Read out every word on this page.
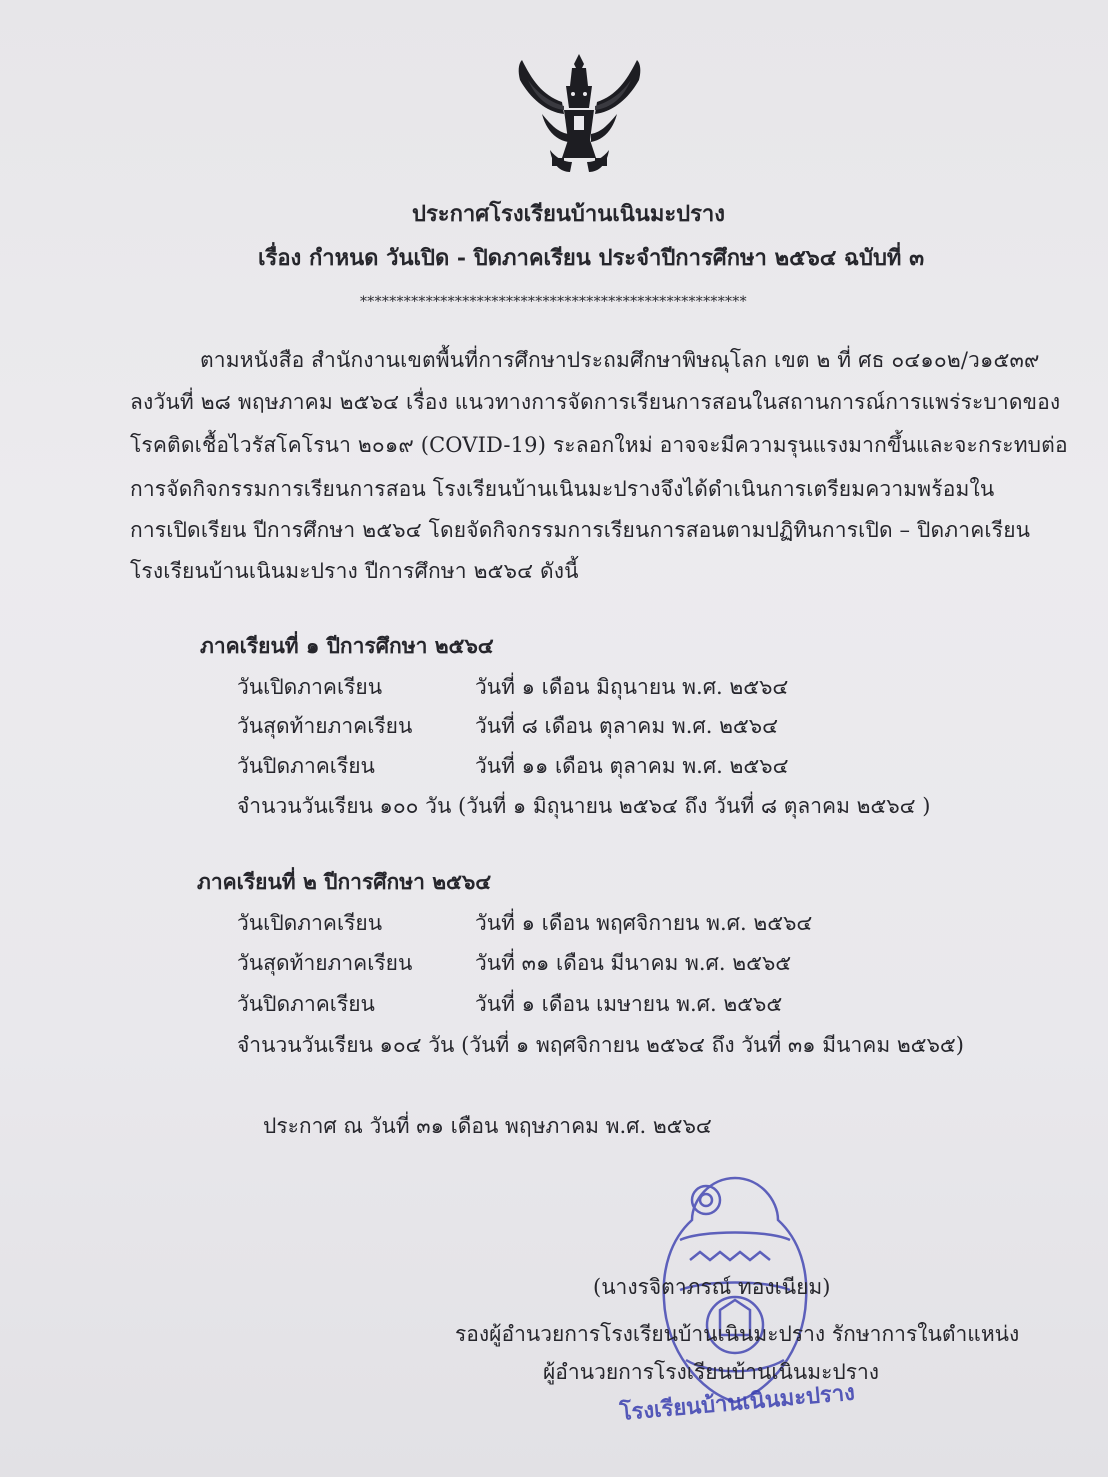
ประกาศโรงเรียนบ้านเนินมะปราง
เรื่อง กำหนด วันเปิด - ปิดภาคเรียน ประจำปีการศึกษา ๒๕๖๔ ฉบับที่ ๓
*****************************************************
ตามหนังสือ สำนักงานเขตพื้นที่การศึกษาประถมศึกษาพิษณุโลก เขต ๒ ที่ ศธ ๐๔๑๐๒/ว๑๕๓๙
ลงวันที่ ๒๘ พฤษภาคม ๒๕๖๔ เรื่อง แนวทางการจัดการเรียนการสอนในสถานการณ์การแพร่ระบาดของ
โรคติดเชื้อไวรัสโคโรนา ๒๐๑๙ (COVID-19) ระลอกใหม่ อาจจะมีความรุนแรงมากขึ้นและจะกระทบต่อ
การจัดกิจกรรมการเรียนการสอน โรงเรียนบ้านเนินมะปรางจึงได้ดำเนินการเตรียมความพร้อมใน
การเปิดเรียน ปีการศึกษา ๒๕๖๔ โดยจัดกิจกรรมการเรียนการสอนตามปฏิทินการเปิด – ปิดภาคเรียน
โรงเรียนบ้านเนินมะปราง ปีการศึกษา ๒๕๖๔ ดังนี้
ภาคเรียนที่ ๑ ปีการศึกษา ๒๕๖๔
วันเปิดภาคเรียน	วันที่ ๑ เดือน มิถุนายน พ.ศ. ๒๕๖๔
วันสุดท้ายภาคเรียน	วันที่ ๘ เดือน ตุลาคม พ.ศ. ๒๕๖๔
วันปิดภาคเรียน	วันที่ ๑๑ เดือน ตุลาคม พ.ศ. ๒๕๖๔
จำนวนวันเรียน ๑๐๐ วัน (วันที่ ๑ มิถุนายน ๒๕๖๔ ถึง วันที่ ๘ ตุลาคม ๒๕๖๔ )
ภาคเรียนที่ ๒ ปีการศึกษา ๒๕๖๔
วันเปิดภาคเรียน	วันที่ ๑ เดือน พฤศจิกายน พ.ศ. ๒๕๖๔
วันสุดท้ายภาคเรียน	วันที่ ๓๑ เดือน มีนาคม พ.ศ. ๒๕๖๕
วันปิดภาคเรียน	วันที่ ๑ เดือน เมษายน พ.ศ. ๒๕๖๕
จำนวนวันเรียน ๑๐๔ วัน (วันที่ ๑ พฤศจิกายน ๒๕๖๔ ถึง วันที่ ๓๑ มีนาคม ๒๕๖๕)
ประกาศ ณ วันที่ ๓๑ เดือน พฤษภาคม พ.ศ. ๒๕๖๔
โรงเรียนบ้านเนินมะปราง
(นางรจิตาภรณ์ ทองเนียม)
รองผู้อำนวยการโรงเรียนบ้านเนินมะปราง รักษาการในตำแหน่ง
ผู้อำนวยการโรงเรียนบ้านเนินมะปราง
